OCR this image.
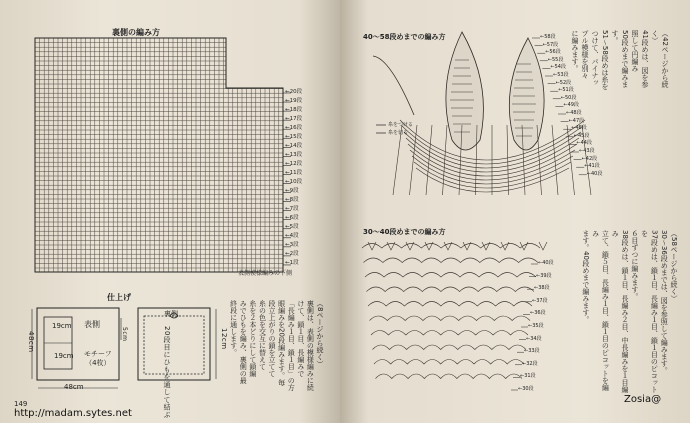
裏側の編み方
表側模様編みの下側
←20段
←19段
←18段
←17段
←16段
←15段
←14段
←13段
←12段
←11段
←10段
←9段
←8段
←7段
←6段
←5段
←4段
←3段
←2段
←1段
仕上げ
表側
モチーフ
（4枚）
19cm
19cm
48cm
48cm	5cm
裏側
20段目にひもを通して結ぶ	12cm	（8ページから続く）
裏側は、表側の模様編みに続
けて、鎖１目、長編みで
「長編み１目、鎖１目」の方
眼編みを20段編みます。毎
段立上がりの鎖を立てて
糸の色を交互に替えて
糸を２本どりにして鎖編
みでひもを編み、裏側の最
終段に通します。
149
http://madam.sytes.net
40〜58段めまでの編み方
30〜40段めまでの編み方
糸をつける
糸を切る
←58段
←57段
←56段
←55段
←54段
←53段
←52段
←51段
←50段
←49段
←48段
←47段
←46段
←45段
←44段
←43段
←42段
←41段
←40段
←40段
←39段
←38段
←37段
←36段
←35段
←34段
←33段
←32段
←31段
←30段
（42ページから続く）
41段めは、図を参照して円編み
50段めまで編みます。
51〜58段めは糸をつけて、パイナップル模様を別々
に編みます。
（58ページから続く）
30〜36段めまでは、図を参照して編みます。
37段めは、鎖１目、長編み１目、鎖１目のピコットを
６目ずつに編みます。
38段めは、鎖１目、長編み２目、中長編みを１目編み
立て、鎖５目、長編み１目、鎖１目のピコットを編み
ます。40段めまで編みます。
Zosia@
